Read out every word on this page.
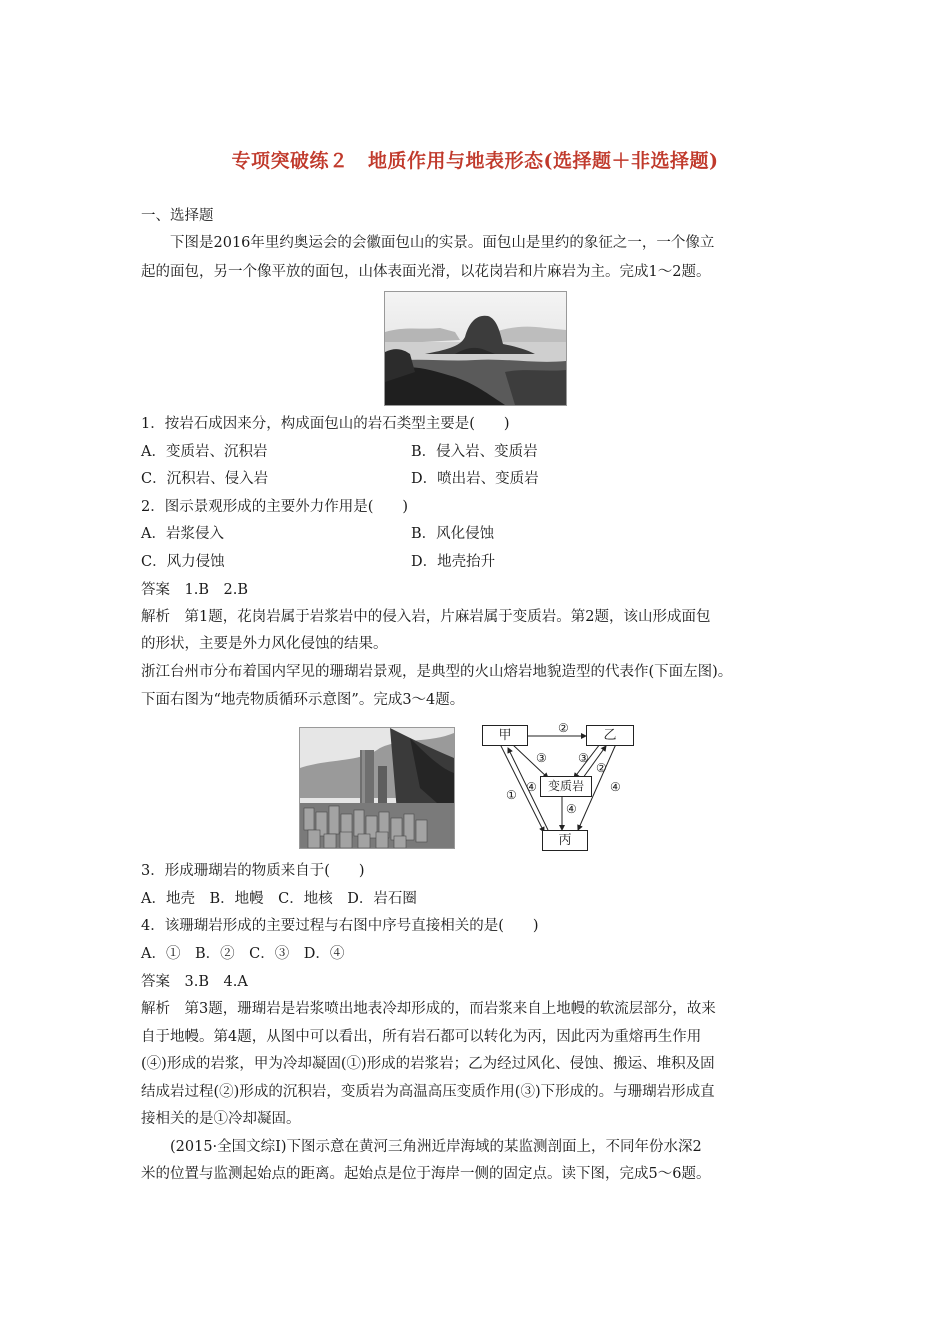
专项突破练２　地质作用与地表形态(选择题＋非选择题)
一、选择题
下图是2016年里约奥运会的会徽面包山的实景。面包山是里约的象征之一，一个像立
起的面包，另一个像平放的面包，山体表面光滑，以花岗岩和片麻岩为主。完成1～2题。
1．按岩石成因来分，构成面包山的岩石类型主要是(　　)
A．变质岩、沉积岩	B．侵入岩、变质岩
C．沉积岩、侵入岩	D．喷出岩、变质岩
2．图示景观形成的主要外力作用是(　　)
A．岩浆侵入	B．风化侵蚀
C．风力侵蚀	D．地壳抬升
答案　1.B　2.B
解析　第1题，花岗岩属于岩浆岩中的侵入岩，片麻岩属于变质岩。第2题，该山形成面包
的形状，主要是外力风化侵蚀的结果。
浙江台州市分布着国内罕见的珊瑚岩景观，是典型的火山熔岩地貌造型的代表作(下面左图)。
下面右图为“地壳物质循环示意图”。完成3～4题。
甲	乙
变质岩
丙
②
③	③
②
④
④
④
①
3．形成珊瑚岩的物质来自于(　　)
A．地壳　B．地幔　C．地核　D．岩石圈
4．该珊瑚岩形成的主要过程与右图中序号直接相关的是(　　)
A．①　B．②　C．③　D．④
答案　3.B　4.A
解析　第3题，珊瑚岩是岩浆喷出地表冷却形成的，而岩浆来自上地幔的软流层部分，故来
自于地幔。第4题，从图中可以看出，所有岩石都可以转化为丙，因此丙为重熔再生作用
(④)形成的岩浆，甲为冷却凝固(①)形成的岩浆岩；乙为经过风化、侵蚀、搬运、堆积及固
结成岩过程(②)形成的沉积岩，变质岩为高温高压变质作用(③)下形成的。与珊瑚岩形成直
接相关的是①冷却凝固。
(2015·全国文综Ⅰ)下图示意在黄河三角洲近岸海域的某监测剖面上，不同年份水深2
米的位置与监测起始点的距离。起始点是位于海岸一侧的固定点。读下图，完成5～6题。
